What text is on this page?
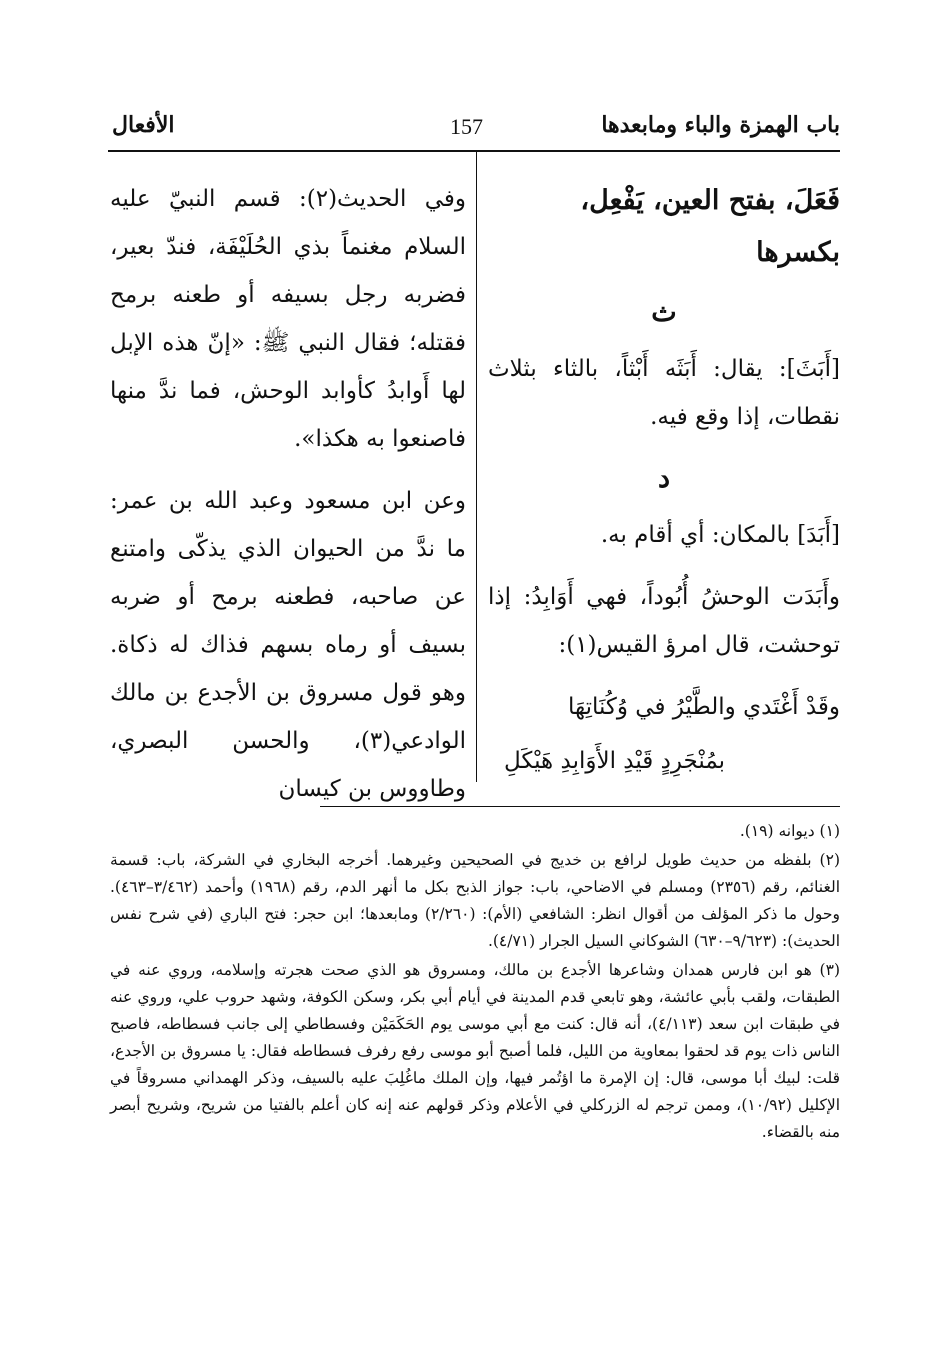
باب الهمزة والباء ومابعدها
157
الأفعال
فَعَلَ، بفتح العين، يَفْعِل، بكسرها
ث

[أَبَثَ]: يقال: أَبَثَه أَبْثاً، بالثاء بثلاث نقطات، إذا وقع فيه.

د

[أَبَدَ] بالمكان: أي أقام به.

وأَبَدَت الوحشُ أُبُوداً، فهي أَوَابِدُ: إذا توحشت، قال امرؤ القيس(١):

وقَدْ أَغْتَدي والطَّيْرُ في وُكُنَاتِهَا

بمُنْجَرِدٍ قَيْدِ الأَوَابِدِ هَيْكَلِ

وفي الحديث(٢): قسم النبيّ عليه السلام مغنماً بذي الحُلَيْفَة، فندّ بعير، فضربه رجل بسيفه أو طعنه برمح فقتله؛ فقال النبي ﷺ: «إنّ هذه الإبل لها أَوابدُ كأوابد الوحش، فما ندَّ منها فاصنعوا به هكذا».

وعن ابن مسعود وعبد الله بن عمر: ما ندَّ من الحيوان الذي يذكّى وامتنع عن صاحبه، فطعنه برمح أو ضربه بسيف أو رماه بسهم فذاك له ذكاة. وهو قول مسروق بن الأجدع بن مالك الوادعي(٣)، والحسن البصري، وطاووس بن كيسان

(١) ديوانه (١٩).

(٢) بلفظه من حديث طويل لرافع بن خديج في الصحيحين وغيرهما. أخرجه البخاري في الشركة، باب: قسمة الغنائم، رقم (٢٣٥٦) ومسلم في الاضاحي، باب: جواز الذبح بكل ما أنهر الدم، رقم (١٩٦٨) وأحمد (٣/٤٦٢–٤٦٣). وحول ما ذكر المؤلف من أقوال انظر: الشافعي (الأم): (٢/٢٦٠) ومابعدها؛ ابن حجر: فتح الباري (في شرح نفس الحديث): (٩/٦٢٣–٦٣٠) الشوكاني السيل الجرار (٤/٧١).

(٣) هو ابن فارس همدان وشاعرها الأجدع بن مالك، ومسروق هو الذي صحت هجرته وإسلامه، وروي عنه في الطبقات، ولقب بأبي عائشة، وهو تابعي قدم المدينة في أيام أبي بكر، وسكن الكوفة، وشهد حروب علي، وروي عنه في طبقات ابن سعد (٤/١١٣)، أنه قال: كنت مع أبي موسى يوم الحَكَمَيْن وفسطاطي إلى جانب فسطاطه، فاصبح الناس ذات يوم قد لحقوا بمعاوية من الليل، فلما أصبح أبو موسى رفع رفرف فسطاطه فقال: يا مسروق بن الأجدع، قلت: لبيك أبا موسى، قال: إن الإمرة ما اؤتُمر فيها، وإن الملك ماغُلِبَ عليه بالسيف، وذكر الهمداني مسروقاً في الإكليل (١٠/٩٢)، وممن ترجم له الزركلي في الأعلام وذكر قولهم عنه إنه كان أعلم بالفتيا من شريح، وشريح أبصر منه بالقضاء.
